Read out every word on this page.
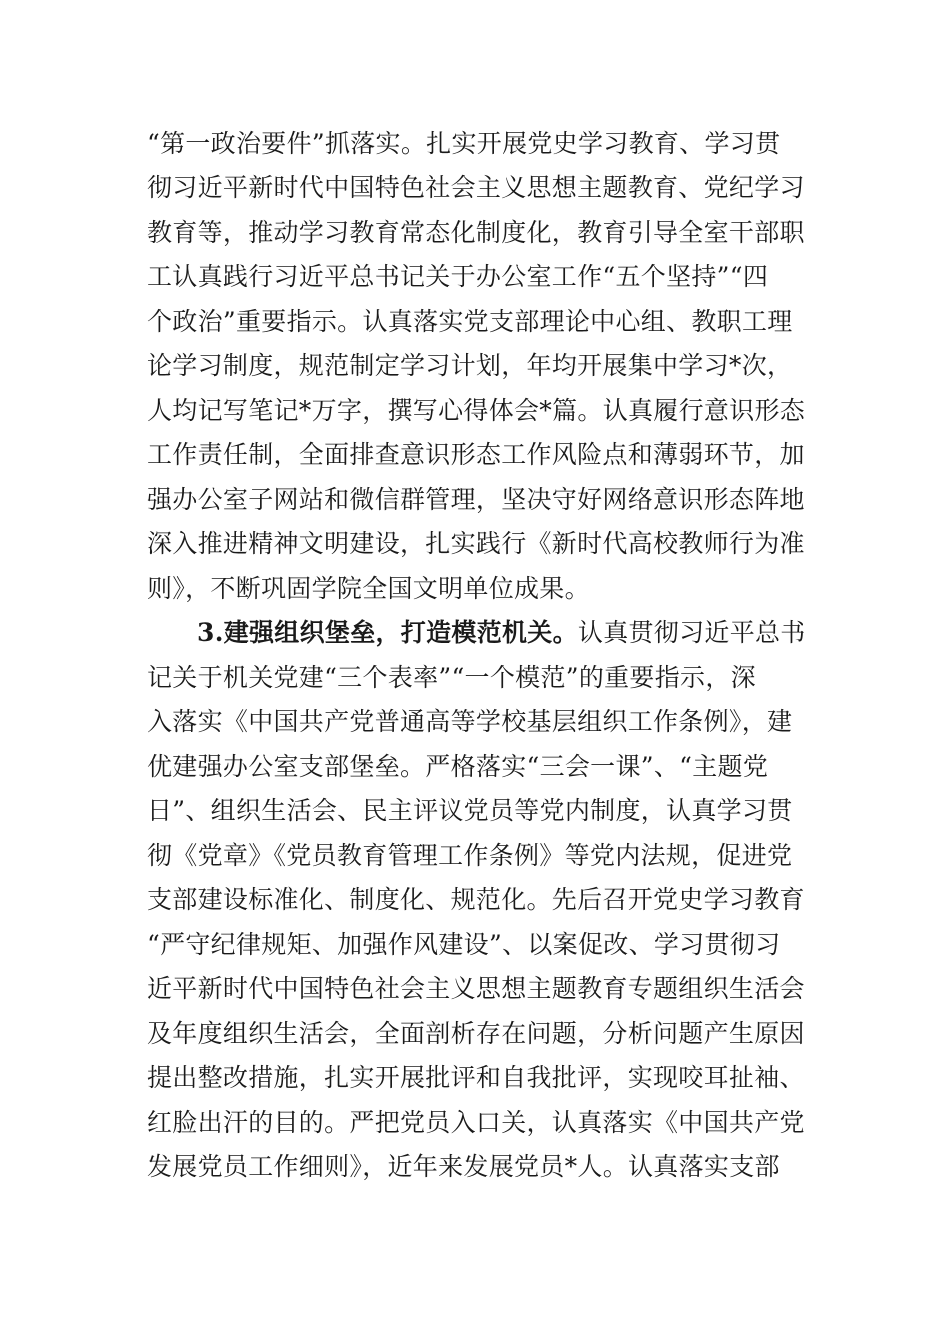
“第一政治要件”抓落实。扎实开展党史学习教育、学习贯
彻习近平新时代中国特色社会主义思想主题教育、党纪学习
教育等，推动学习教育常态化制度化，教育引导全室干部职
工认真践行习近平总书记关于办公室工作“五个坚持”“四
个政治”重要指示。认真落实党支部理论中心组、教职工理
论学习制度，规范制定学习计划，年均开展集中学习*次，
人均记写笔记*万字，撰写心得体会*篇。认真履行意识形态
工作责任制，全面排查意识形态工作风险点和薄弱环节，加
强办公室子网站和微信群管理，坚决守好网络意识形态阵地
深入推进精神文明建设，扎实践行《新时代高校教师行为准
则》，不断巩固学院全国文明单位成果。
3.建强组织堡垒，打造模范机关。认真贯彻习近平总书
记关于机关党建“三个表率”“一个模范”的重要指示，深
入落实《中国共产党普通高等学校基层组织工作条例》，建
优建强办公室支部堡垒。严格落实“三会一课”、“主题党
日”、组织生活会、民主评议党员等党内制度，认真学习贯
彻《党章》《党员教育管理工作条例》等党内法规，促进党
支部建设标准化、制度化、规范化。先后召开党史学习教育
“严守纪律规矩、加强作风建设”、以案促改、学习贯彻习
近平新时代中国特色社会主义思想主题教育专题组织生活会
及年度组织生活会，全面剖析存在问题，分析问题产生原因
提出整改措施，扎实开展批评和自我批评，实现咬耳扯袖、
红脸出汗的目的。严把党员入口关，认真落实《中国共产党
发展党员工作细则》，近年来发展党员*人。认真落实支部
